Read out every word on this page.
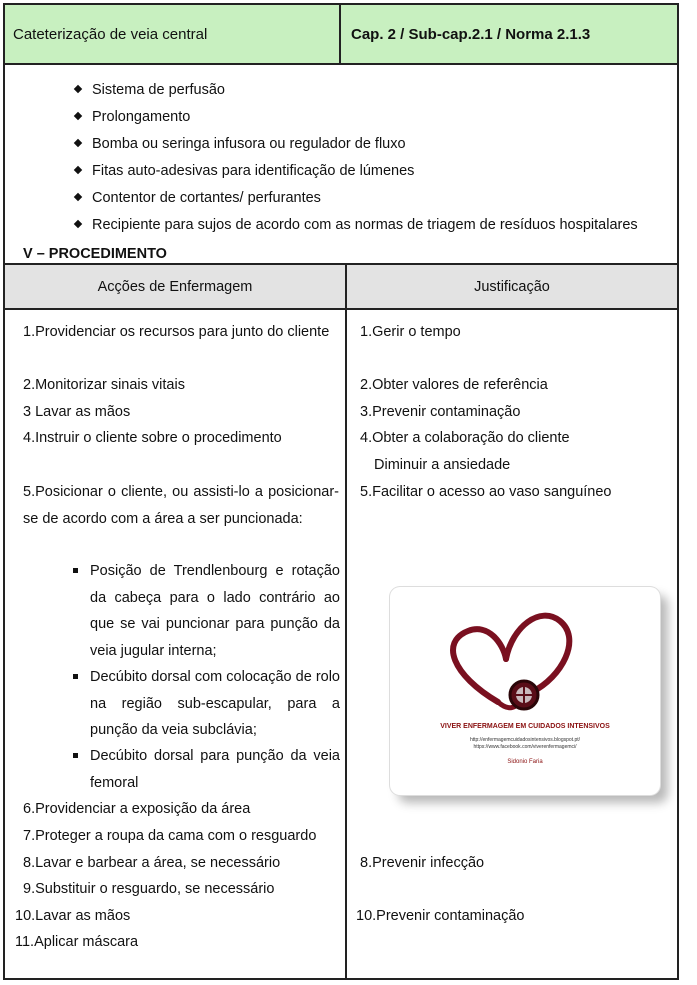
Cateterização de veia central	Cap. 2 / Sub-cap.2.1 / Norma 2.1.3
Sistema de perfusão
Prolongamento
Bomba ou seringa infusora ou regulador de fluxo
Fitas auto-adesivas para identificação de lúmenes
Contentor de cortantes/ perfurantes
Recipiente para sujos de acordo com as normas de triagem de resíduos hospitalares
V – PROCEDIMENTO
Acções de Enfermagem	Justificação
1.Providenciar os recursos para junto do cliente
2.Monitorizar sinais vitais
3 Lavar as mãos
4.Instruir o cliente sobre o procedimento
5.Posicionar o cliente, ou assisti-lo a posicionar-se de acordo com a área a ser puncionada:
Posição de Trendlenbourg e rotação da cabeça para o lado contrário ao que se vai puncionar para punção da veia jugular interna;
Decúbito dorsal com colocação de rolo na região sub-escapular, para a punção da veia subclávia;
Decúbito dorsal para punção da veia femoral
6.Providenciar a exposição da área
7.Proteger a roupa da cama com o resguardo
8.Lavar e barbear a área, se necessário
9.Substituir o resguardo, se necessário
10.Lavar as mãos
11.Aplicar máscara
1.Gerir o tempo
2.Obter valores de referência
3.Prevenir contaminação
4.Obter a colaboração do cliente
Diminuir a ansiedade
5.Facilitar o acesso ao vaso sanguíneo
8.Prevenir infecção
10.Prevenir contaminação
VIVER ENFERMAGEM EM CUIDADOS INTENSIVOS
http://enfermagemcuidadosintensivos.blogspot.pt/
https://www.facebook.com/viverenfermagemci/
Sidonio Faria
